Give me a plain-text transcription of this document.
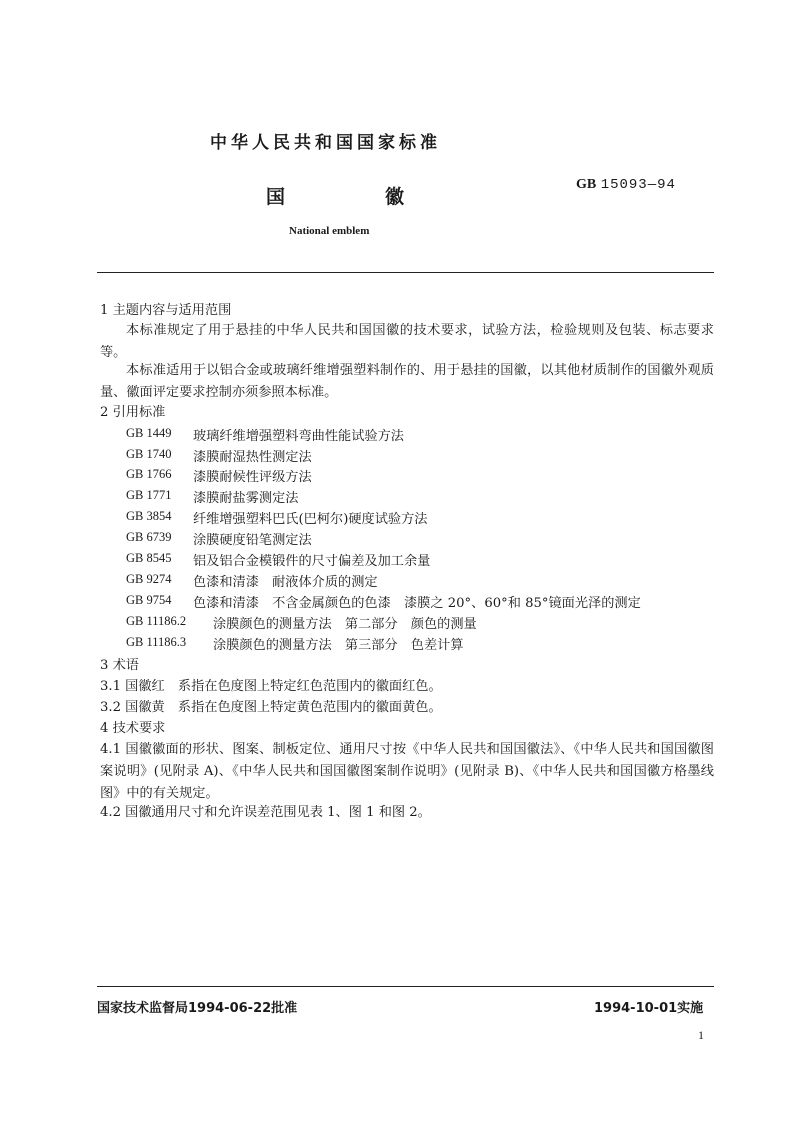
中华人民共和国国家标准
国	徽
GB 15093—94
National emblem
1 主题内容与适用范围
本标准规定了用于悬挂的中华人民共和国国徽的技术要求，试验方法，检验规则及包装、标志要求等。
本标准适用于以铝合金或玻璃纤维增强塑料制作的、用于悬挂的国徽，以其他材质制作的国徽外观质量、徽面评定要求控制亦须参照本标准。
2 引用标准
GB 1449 玻璃纤维增强塑料弯曲性能试验方法
GB 1740 漆膜耐湿热性测定法
GB 1766 漆膜耐候性评级方法
GB 1771 漆膜耐盐雾测定法
GB 3854 纤维增强塑料巴氏(巴柯尔)硬度试验方法
GB 6739 涂膜硬度铅笔测定法
GB 8545 铝及铝合金模锻件的尺寸偏差及加工余量
GB 9274 色漆和清漆　耐液体介质的测定
GB 9754 色漆和清漆　不含金属颜色的色漆　漆膜之 20°、60°和 85°镜面光泽的测定
GB 11186.2 涂膜颜色的测量方法　第二部分　颜色的测量
GB 11186.3 涂膜颜色的测量方法　第三部分　色差计算
3 术语
3.1 国徽红　系指在色度图上特定红色范围内的徽面红色。
3.2 国徽黄　系指在色度图上特定黄色范围内的徽面黄色。
4 技术要求
4.1 国徽徽面的形状、图案、制板定位、通用尺寸按《中华人民共和国国徽法》、《中华人民共和国国徽图案说明》(见附录 A)、《中华人民共和国国徽图案制作说明》(见附录 B)、《中华人民共和国国徽方格墨线图》中的有关规定。
4.2 国徽通用尺寸和允许误差范围见表 1、图 1 和图 2。
国家技术监督局1994-06-22批准	1994-10-01实施
1
